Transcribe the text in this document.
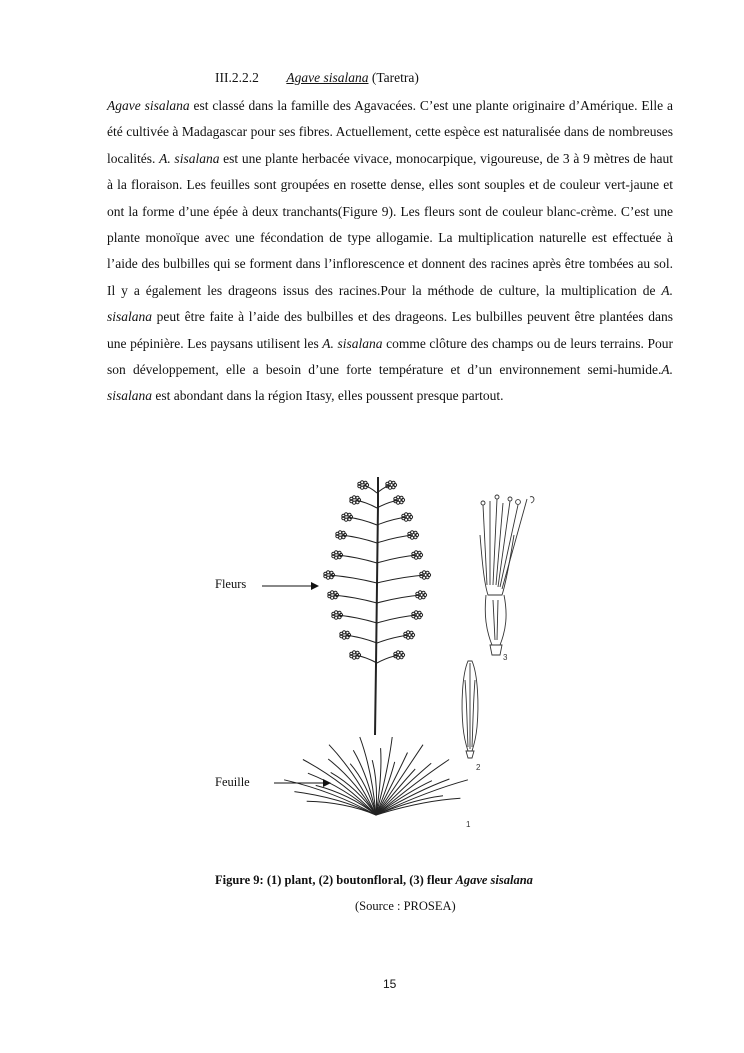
III.2.2.2 Agave sisalana (Taretra)

Agave sisalana est classé dans la famille des Agavacées. C’est une plante originaire d’Amérique. Elle a été cultivée à Madagascar pour ses fibres. Actuellement, cette espèce est naturalisée dans de nombreuses localités. A. sisalana est une plante herbacée vivace, monocarpique, vigoureuse, de 3 à 9 mètres de haut à la floraison. Les feuilles sont groupées en rosette dense, elles sont souples et de couleur vert-jaune et ont la forme d’une épée à deux tranchants(Figure 9). Les fleurs sont de couleur blanc-crème. C’est une plante monoïque avec une fécondation de type allogamie. La multiplication naturelle est effectuée à l’aide des bulbilles qui se forment dans l’inflorescence et donnent des racines après être tombées au sol. Il y a également les drageons issus des racines.Pour la méthode de culture, la multiplication de A. sisalana peut être faite à l’aide des bulbilles et des drageons. Les bulbilles peuvent être plantées dans une pépinière. Les paysans utilisent les A. sisalana comme clôture des champs ou de leurs terrains. Pour son développement, elle a besoin d’une forte température et d’un environnement semi-humide.A. sisalana est abondant dans la région Itasy, elles poussent presque partout.

Fleurs
Feuille
3
2
1
Figure 9: (1) plant, (2) boutonfloral, (3) fleur Agave sisalana
(Source : PROSEA)
15
